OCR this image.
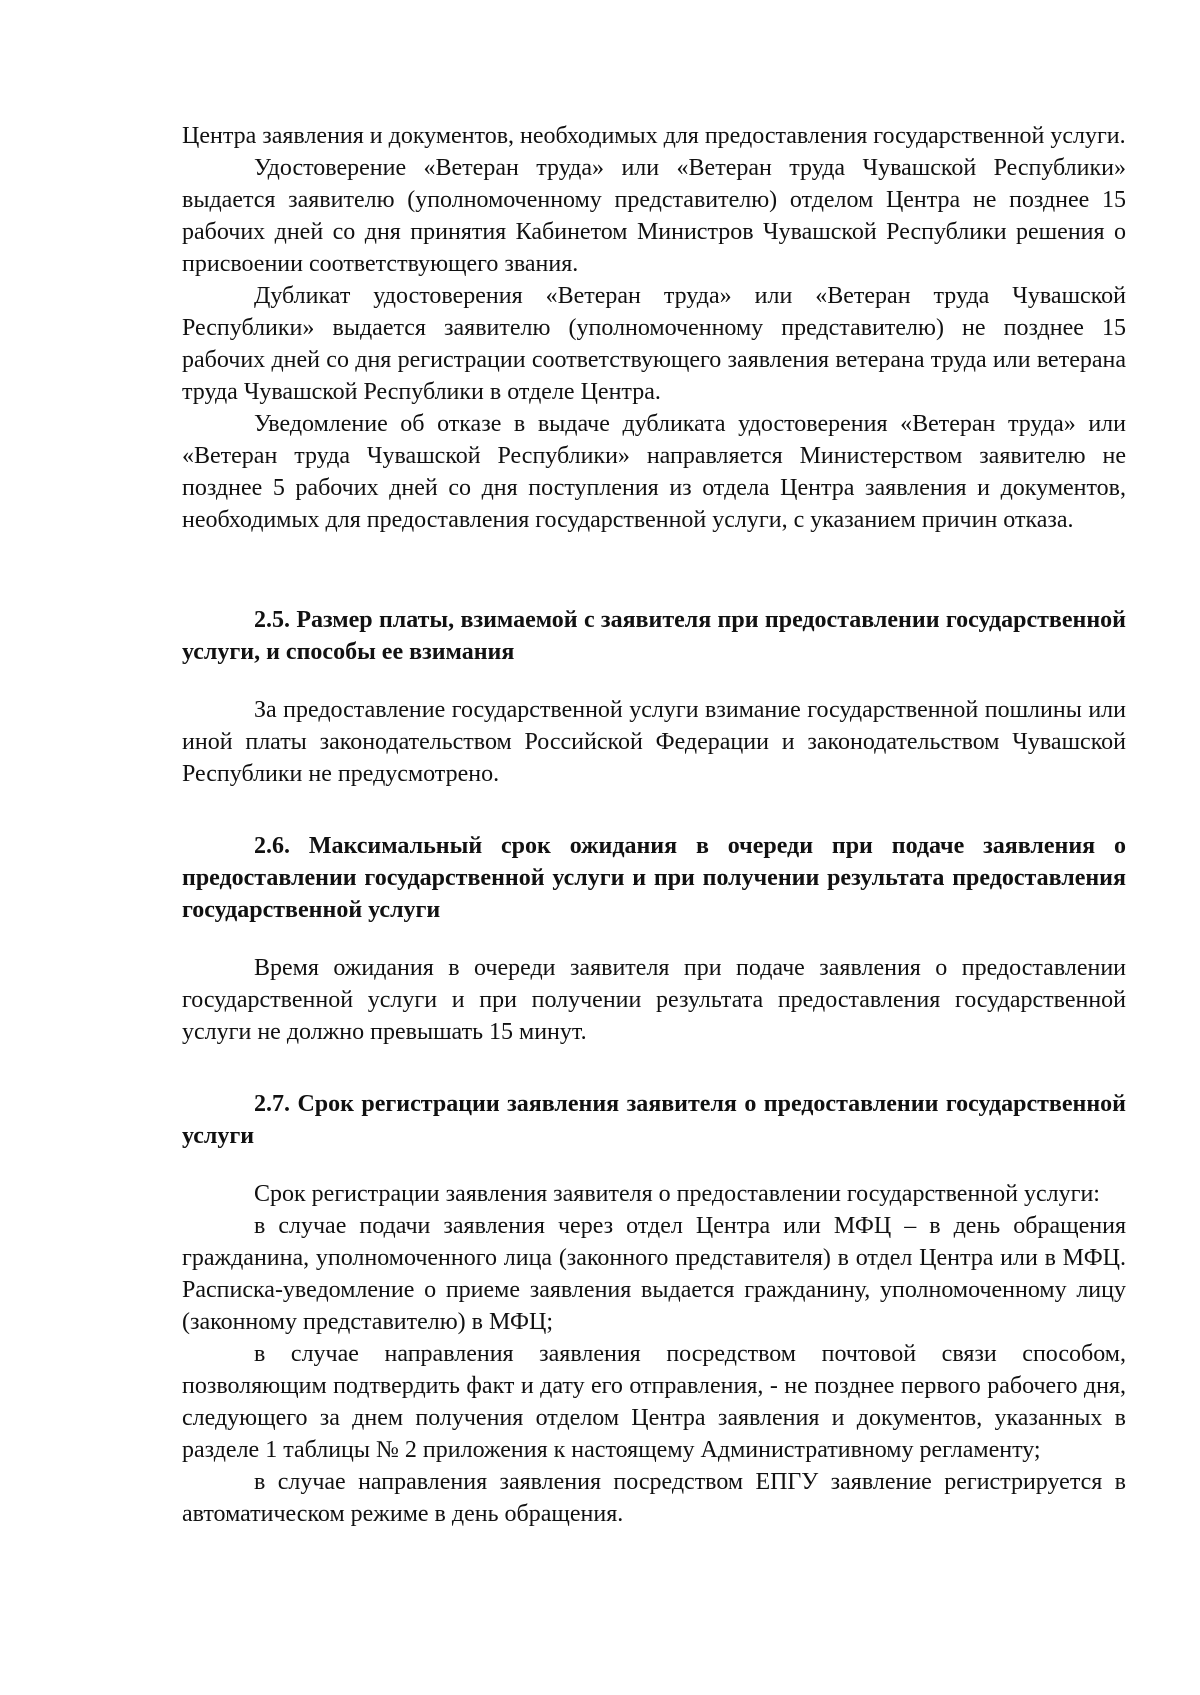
Центра заявления и документов, необходимых для предоставления государственной услуги.

Удостоверение «Ветеран труда» или «Ветеран труда Чувашской Республики» выдается заявителю (уполномоченному представителю) отделом Центра не позднее 15 рабочих дней со дня принятия Кабинетом Министров Чувашской Республики решения о присвоении соответствующего звания.

Дубликат удостоверения «Ветеран труда» или «Ветеран труда Чувашской Республики» выдается заявителю (уполномоченному представителю) не позднее 15 рабочих дней со дня регистрации соответствующего заявления ветерана труда или ветерана труда Чувашской Республики в отделе Центра.

Уведомление об отказе в выдаче дубликата удостоверения «Ветеран труда» или «Ветеран труда Чувашской Республики» направляется Министерством заявителю не позднее 5 рабочих дней со дня поступления из отдела Центра заявления и документов, необходимых для предоставления государственной услуги, с указанием причин отказа.

2.5. Размер платы, взимаемой с заявителя при предоставлении государственной услуги, и способы ее взимания

За предоставление государственной услуги взимание государственной пошлины или иной платы законодательством Российской Федерации и законодательством Чувашской Республики не предусмотрено.

2.6. Максимальный срок ожидания в очереди при подаче заявления о предоставлении государственной услуги и при получении результата предоставления государственной услуги

Время ожидания в очереди заявителя при подаче заявления о предоставлении государственной услуги и при получении результата предоставления государственной услуги не должно превышать 15 минут.

2.7. Срок регистрации заявления заявителя о предоставлении государственной услуги

Срок регистрации заявления заявителя о предоставлении государственной услуги:

в случае подачи заявления через отдел Центра или МФЦ – в день обращения гражданина, уполномоченного лица (законного представителя) в отдел Центра или в МФЦ. Расписка-уведомление о приеме заявления выдается гражданину, уполномоченному лицу (законному представителю) в МФЦ;

в случае направления заявления посредством почтовой связи способом, позволяющим подтвердить факт и дату его отправления, - не позднее первого рабочего дня, следующего за днем получения отделом Центра заявления и документов, указанных в разделе 1 таблицы № 2 приложения к настоящему Административному регламенту;

в случае направления заявления посредством ЕПГУ заявление регистрируется в автоматическом режиме в день обращения.
